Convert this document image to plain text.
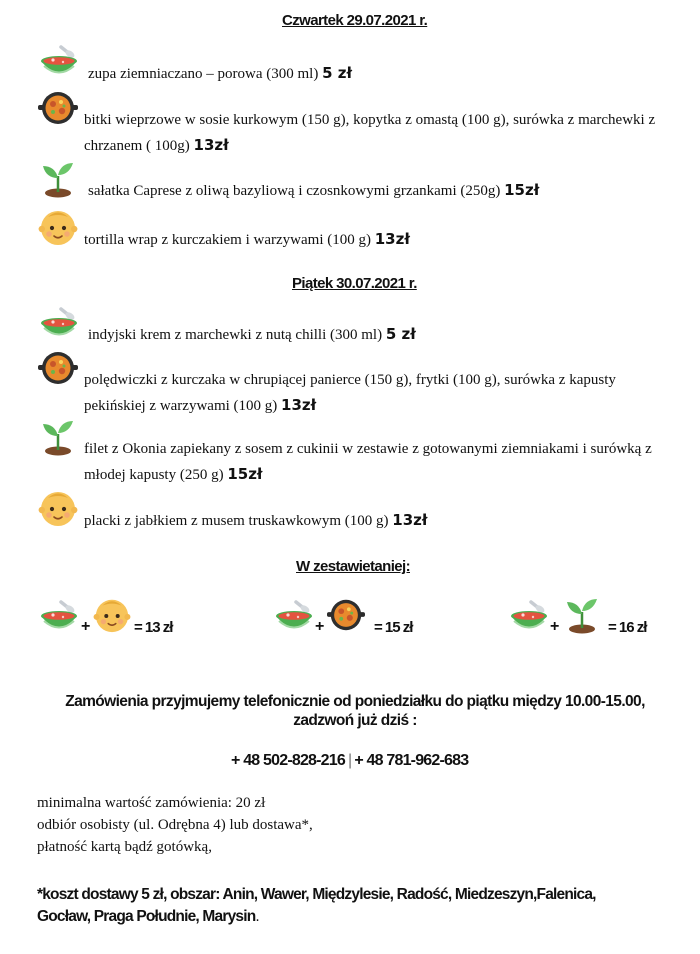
Czwartek 29.07.2021 r.
zupa ziemniaczano – porowa (300 ml) 5 zł
bitki wieprzowe w sosie kurkowym (150 g), kopytka z omastą (100 g), surówka z marchewki z chrzanem ( 100g) 13zł
sałatka Caprese z oliwą bazyliową i czosnkowymi grzankami (250g) 15zł
tortilla wrap z kurczakiem i warzywami (100 g) 13zł
Piątek 30.07.2021 r.
indyjski krem z marchewki z nutą chilli (300 ml) 5 zł
polędwiczki z kurczaka w chrupiącej panierce (150 g), frytki (100 g), surówka z kapusty pekińskiej z warzywami (100 g) 13zł
filet z Okonia zapiekany z sosem z cukinii w zestawie z gotowanymi ziemniakami i surówką z młodej kapusty (250 g) 15zł
placki z jabłkiem z musem truskawkowym (100 g) 13zł
W zestawietaniej:
+	= 13 zł	+	= 15 zł	+	= 16 zł
Zamówienia przyjmujemy telefonicznie od poniedziałku do piątku między 10.00-15.00,
zadzwoń już dziś :
+ 48 502-828-216 | + 48 781-962-683
minimalna wartość zamówienia: 20 zł
odbiór osobisty (ul. Odrębna 4) lub dostawa*,
płatność kartą bądź gotówką,
*koszt dostawy 5 zł, obszar: Anin, Wawer, Międzylesie, Radość, Miedzeszyn,Falenica,
Gocław, Praga Południe, Marysin.
